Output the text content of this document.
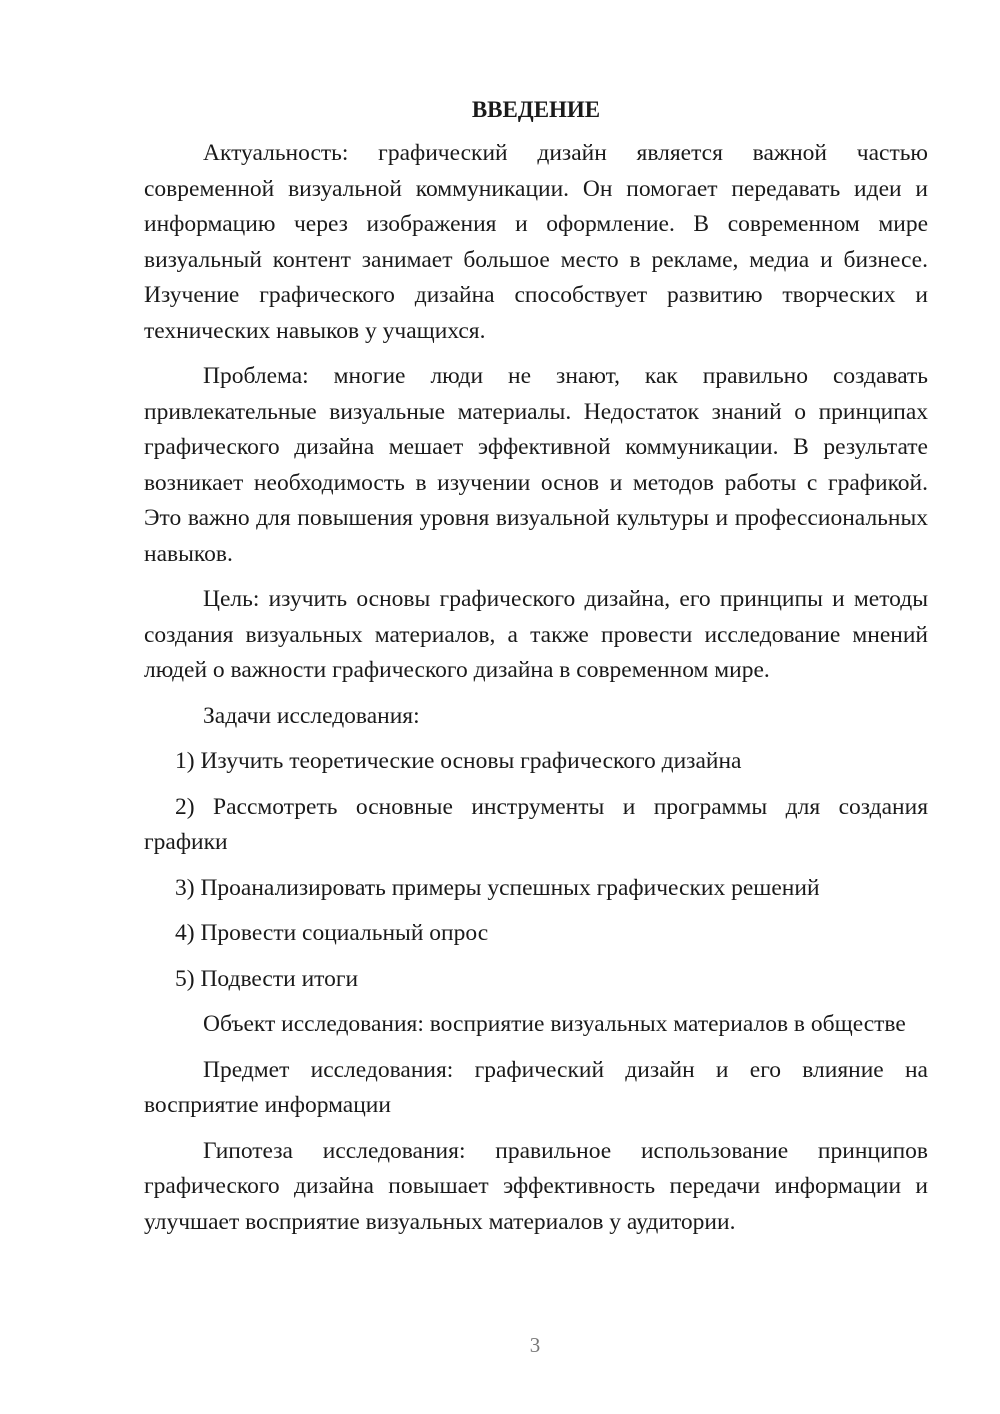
ВВЕДЕНИЕ

Актуальность: графический дизайн является важной частью современной визуальной коммуникации. Он помогает передавать идеи и информацию через изображения и оформление. В современном мире визуальный контент занимает большое место в рекламе, медиа и бизнесе. Изучение графического дизайна способствует развитию творческих и технических навыков у учащихся.

Проблема: многие люди не знают, как правильно создавать привлекательные визуальные материалы. Недостаток знаний о принципах графического дизайна мешает эффективной коммуникации. В результате возникает необходимость в изучении основ и методов работы с графикой. Это важно для повышения уровня визуальной культуры и профессиональных навыков.

Цель: изучить основы графического дизайна, его принципы и методы создания визуальных материалов, а также провести исследование мнений людей о важности графического дизайна в современном мире.

Задачи исследования:

1) Изучить теоретические основы графического дизайна

2) Рассмотреть основные инструменты и программы для создания графики

3) Проанализировать примеры успешных графических решений

4) Провести социальный опрос

5) Подвести итоги

Объект исследования: восприятие визуальных материалов в обществе

Предмет исследования: графический дизайн и его влияние на восприятие информации

Гипотеза исследования: правильное использование принципов графического дизайна повышает эффективность передачи информации и улучшает восприятие визуальных материалов у аудитории.

3
